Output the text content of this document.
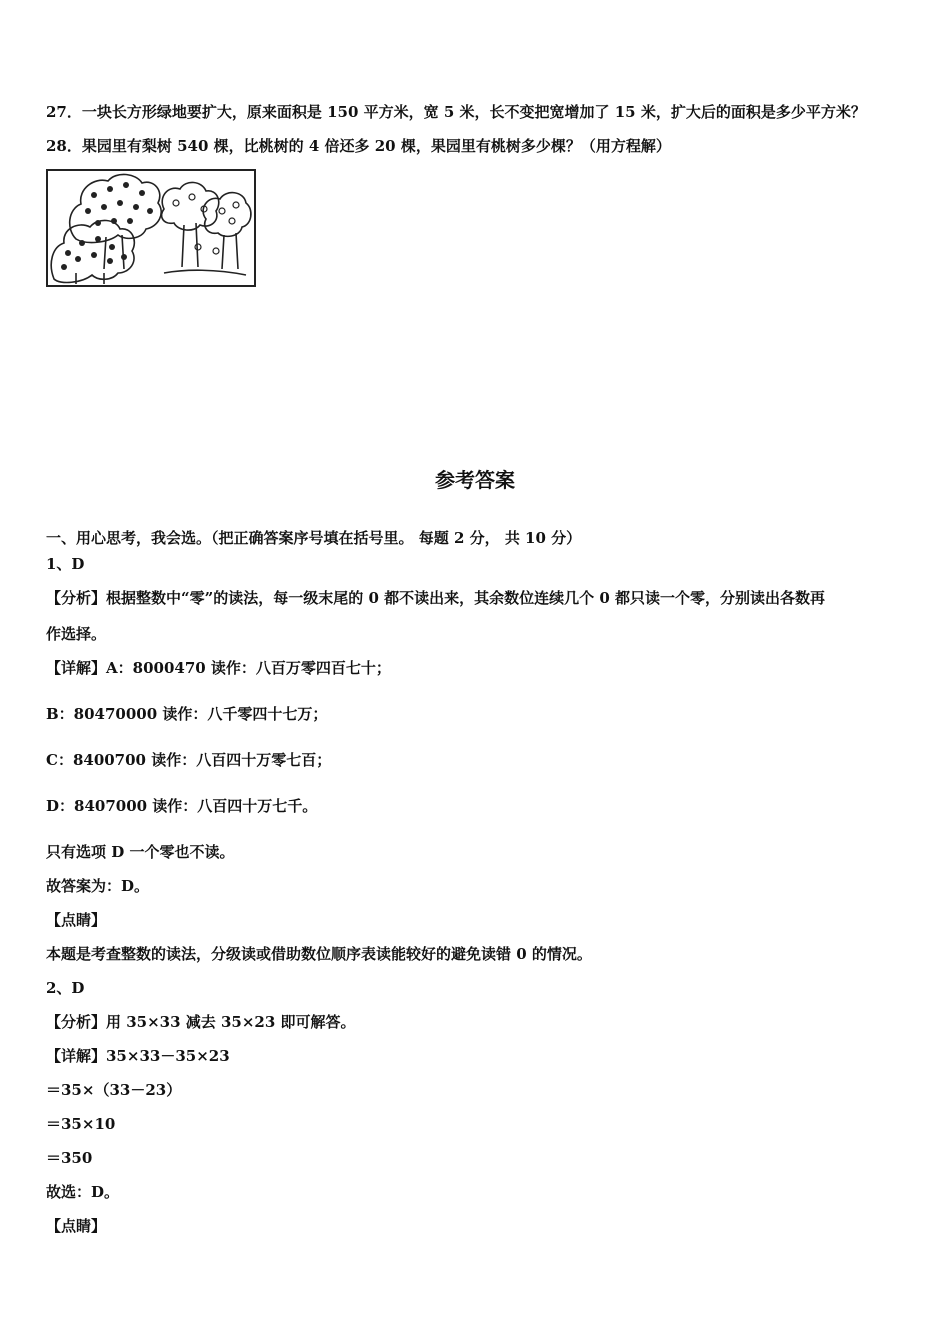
27．一块长方形绿地要扩大，原来面积是 150 平方米，宽 5 米，长不变把宽增加了 15 米，扩大后的面积是多少平方米？
28．果园里有梨树 540 棵，比桃树的 4 倍还多 20 棵，果园里有桃树多少棵？（用方程解）
参考答案
一、用心思考，我会选。（把正确答案序号填在括号里。 每题 2 分， 共 10 分）
1、D
【分析】根据整数中“零”的读法，每一级末尾的 0 都不读出来，其余数位连续几个 0 都只读一个零，分别读出各数再
作选择。
【详解】A：8000470 读作：八百万零四百七十；
B：80470000 读作：八千零四十七万；
C：8400700 读作：八百四十万零七百；
D：8407000 读作：八百四十万七千。
只有选项 D 一个零也不读。
故答案为：D。
【点睛】
本题是考查整数的读法，分级读或借助数位顺序表读能较好的避免读错 0 的情况。
2、D
【分析】用 35×33 减去 35×23 即可解答。
【详解】35×33－35×23
＝35×（33－23）
＝35×10
＝350
故选：D。
【点睛】
